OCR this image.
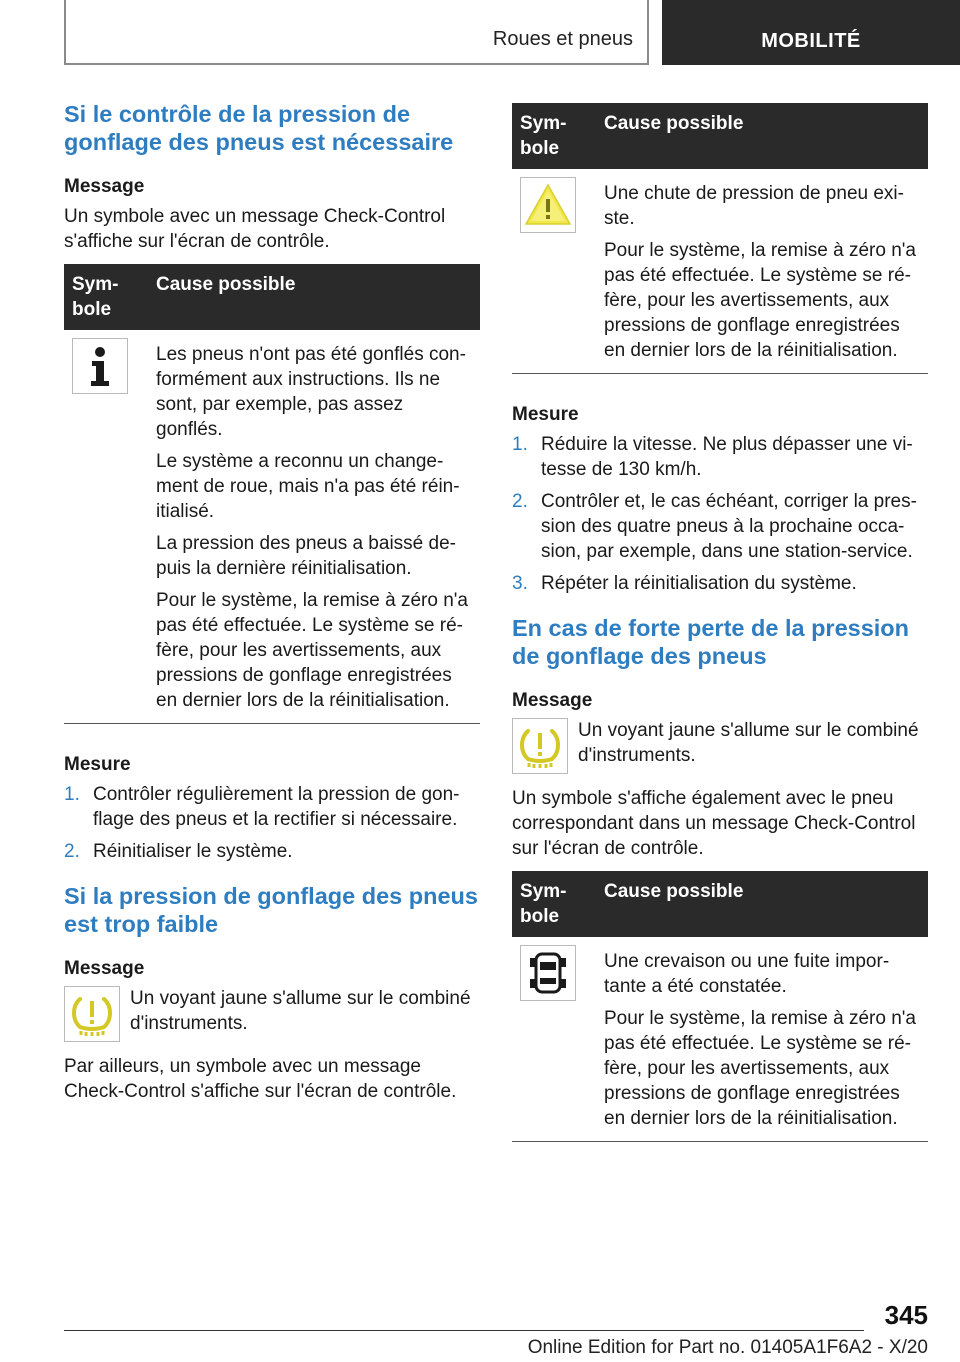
Roues et pneus	MOBILITÉ
Si le contrôle de la pression de gonflage des pneus est nécessaire
Message

Un symbole avec un message Check-Control s'affiche sur l'écran de contrôle.

Sym-
bole	Cause possible

Les pneus n'ont pas été gonflés con-formément aux instructions. Ils ne sont, par exemple, pas assez gonflés.

Le système a reconnu un change-ment de roue, mais n'a pas été réin-itialisé.

La pression des pneus a baissé de-puis la dernière réinitialisation.

Pour le système, la remise à zéro n'a pas été effectuée. Le système se ré-fère, pour les avertissements, aux pressions de gonflage enregistrées en dernier lors de la réinitialisation.

Mesure
1. Contrôler régulièrement la pression de gon-flage des pneus et la rectifier si nécessaire.
2. Réinitialiser le système.
Si la pression de gonflage des pneus est trop faible
Message

Un voyant jaune s'allume sur le combiné d'instruments.

Par ailleurs, un symbole avec un message Check-Control s'affiche sur l'écran de contrôle.

Sym-
bole	Cause possible

Une chute de pression de pneu exi-ste.

Pour le système, la remise à zéro n'a pas été effectuée. Le système se ré-fère, pour les avertissements, aux pressions de gonflage enregistrées en dernier lors de la réinitialisation.

Mesure
1. Réduire la vitesse. Ne plus dépasser une vi-tesse de 130 km/h.
2. Contrôler et, le cas échéant, corriger la pres-sion des quatre pneus à la prochaine occa-sion, par exemple, dans une station-service.
3. Répéter la réinitialisation du système.
En cas de forte perte de la pression de gonflage des pneus
Message

Un voyant jaune s'allume sur le combiné d'instruments.

Un symbole s'affiche également avec le pneu correspondant dans un message Check-Control sur l'écran de contrôle.

Sym-
bole	Cause possible

Une crevaison ou une fuite impor-tante a été constatée.

Pour le système, la remise à zéro n'a pas été effectuée. Le système se ré-fère, pour les avertissements, aux pressions de gonflage enregistrées en dernier lors de la réinitialisation.

345
Online Edition for Part no. 01405A1F6A2 - X/20
